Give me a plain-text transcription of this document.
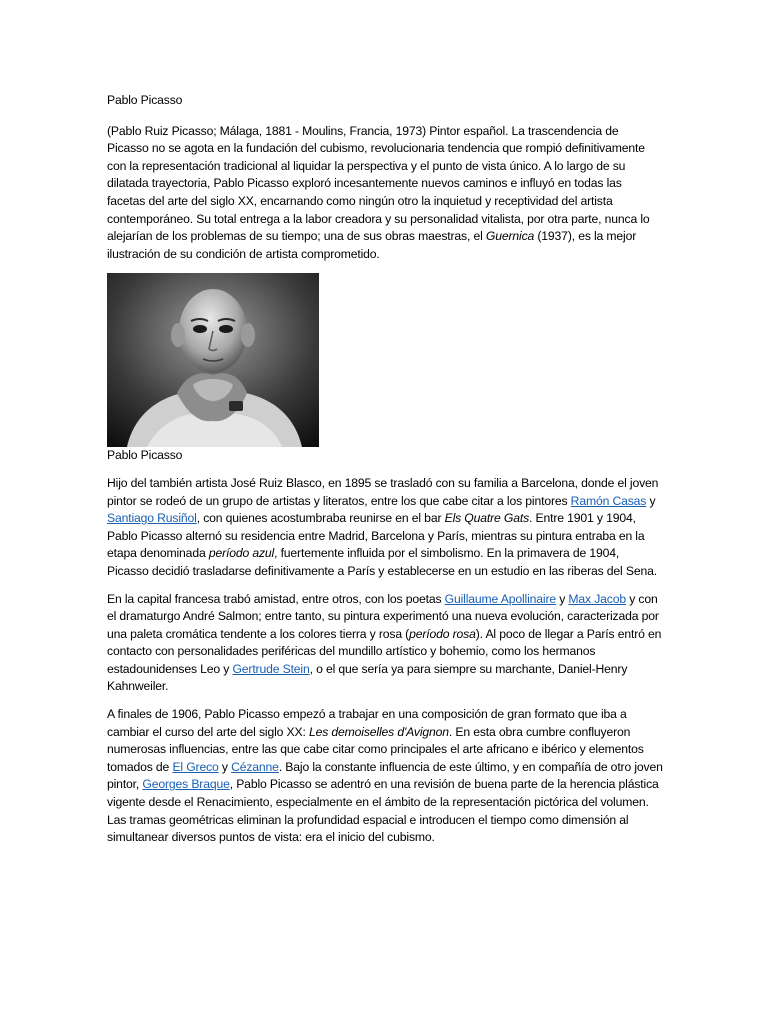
Pablo Picasso

(Pablo Ruiz Picasso; Málaga, 1881 - Moulins, Francia, 1973) Pintor español. La trascendencia de Picasso no se agota en la fundación del cubismo, revolucionaria tendencia que rompió definitivamente con la representación tradicional al liquidar la perspectiva y el punto de vista único. A lo largo de su dilatada trayectoria, Pablo Picasso exploró incesantemente nuevos caminos e influyó en todas las facetas del arte del siglo XX, encarnando como ningún otro la inquietud y receptividad del artista contemporáneo. Su total entrega a la labor creadora y su personalidad vitalista, por otra parte, nunca lo alejarían de los problemas de su tiempo; una de sus obras maestras, el Guernica (1937), es la mejor ilustración de su condición de artista comprometido.

Pablo Picasso

Hijo del también artista José Ruiz Blasco, en 1895 se trasladó con su familia a Barcelona, donde el joven pintor se rodeó de un grupo de artistas y literatos, entre los que cabe citar a los pintores Ramón Casas y Santiago Rusiñol, con quienes acostumbraba reunirse en el bar Els Quatre Gats. Entre 1901 y 1904, Pablo Picasso alternó su residencia entre Madrid, Barcelona y París, mientras su pintura entraba en la etapa denominada período azul, fuertemente influida por el simbolismo. En la primavera de 1904, Picasso decidió trasladarse definitivamente a París y establecerse en un estudio en las riberas del Sena.

En la capital francesa trabó amistad, entre otros, con los poetas Guillaume Apollinaire y Max Jacob y con el dramaturgo André Salmon; entre tanto, su pintura experimentó una nueva evolución, caracterizada por una paleta cromática tendente a los colores tierra y rosa (período rosa). Al poco de llegar a París entró en contacto con personalidades periféricas del mundillo artístico y bohemio, como los hermanos estadounidenses Leo y Gertrude Stein, o el que sería ya para siempre su marchante, Daniel-Henry Kahnweiler.

A finales de 1906, Pablo Picasso empezó a trabajar en una composición de gran formato que iba a cambiar el curso del arte del siglo XX: Les demoiselles d'Avignon. En esta obra cumbre confluyeron numerosas influencias, entre las que cabe citar como principales el arte africano e ibérico y elementos tomados de El Greco y Cézanne. Bajo la constante influencia de este último, y en compañía de otro joven pintor, Georges Braque, Pablo Picasso se adentró en una revisión de buena parte de la herencia plástica vigente desde el Renacimiento, especialmente en el ámbito de la representación pictórica del volumen. Las tramas geométricas eliminan la profundidad espacial e introducen el tiempo como dimensión al simultanear diversos puntos de vista: era el inicio del cubismo.
